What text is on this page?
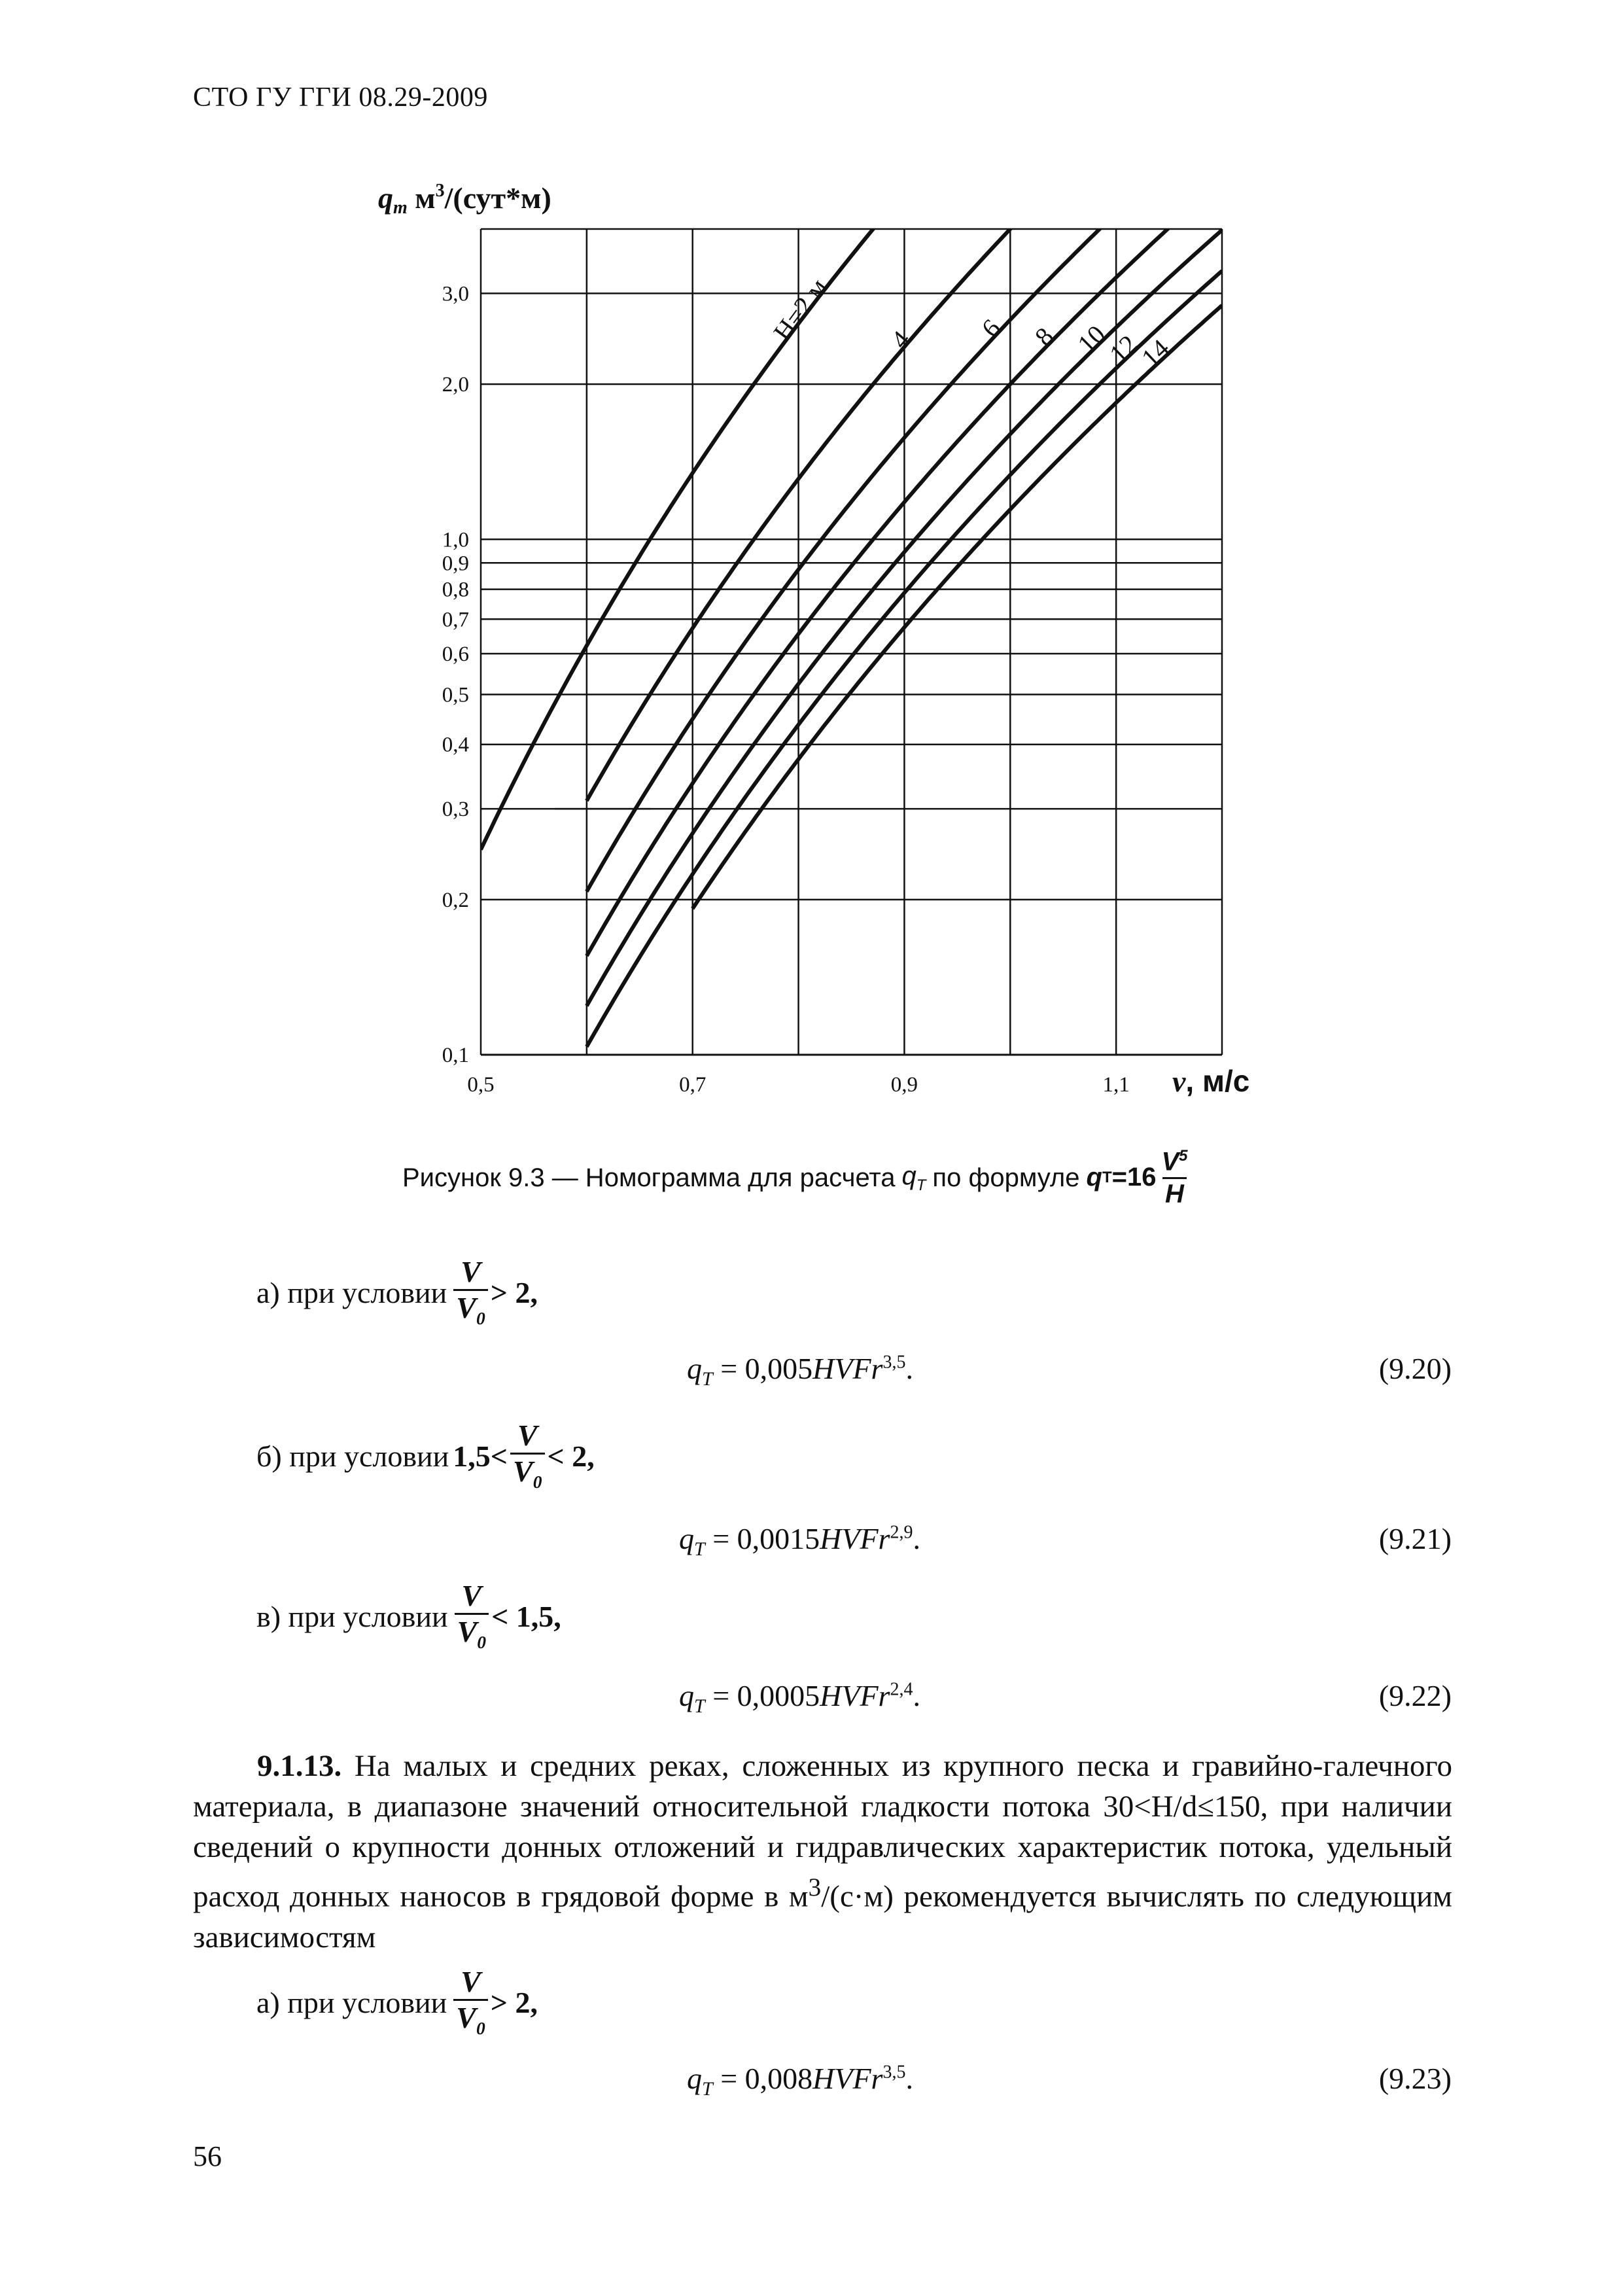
СТО ГУ ГГИ 08.29-2009
qт $м^3/(сут*м)$
H=2 м 4 6 8 10
12
14
0,1
0,2
0,3
0,4
0,5
0,6
0,7
0,8
0,9
1,0
2,0
3,0
0,5	0,7	0,9	1,1 v, м/с
Рисунок 9.3 — Номограмма для расчета $q_T$ по формуле q $T =16 \frac{V^5}{H}$
а) при условии $\frac{V}{V_0} > 2$,
$q_T$ = 0,005HVFr$^{3,5}$.	(9.20)
б) при условии $1,5< \frac{V}{V_0} < 2$,
$q_T$ = 0,0015HVFr$^{2,9}$.	(9.21)
в) при условии $\frac{V}{V_0} < 1,5$,
$q_T$ = 0,0005HVFr$^{2,4}$.	(9.22)
9.1.13. На малых и средних реках, сложенных из крупного песка и гравийно-галечного материала, в диапазоне значений относительной гладкости потока 30<H/d≤150, при наличии сведений о крупности донных отложений и гидравлических характеристик потока, удельный расход донных наносов в грядовой форме в $м^3/(с\cdot м)$ рекомендуется вычислять по следующим зависимостям
а) при условии $\frac{V}{V_0} > 2$,
$q_T$ = 0,008HVFr$^{3,5}$.	(9.23)
56
